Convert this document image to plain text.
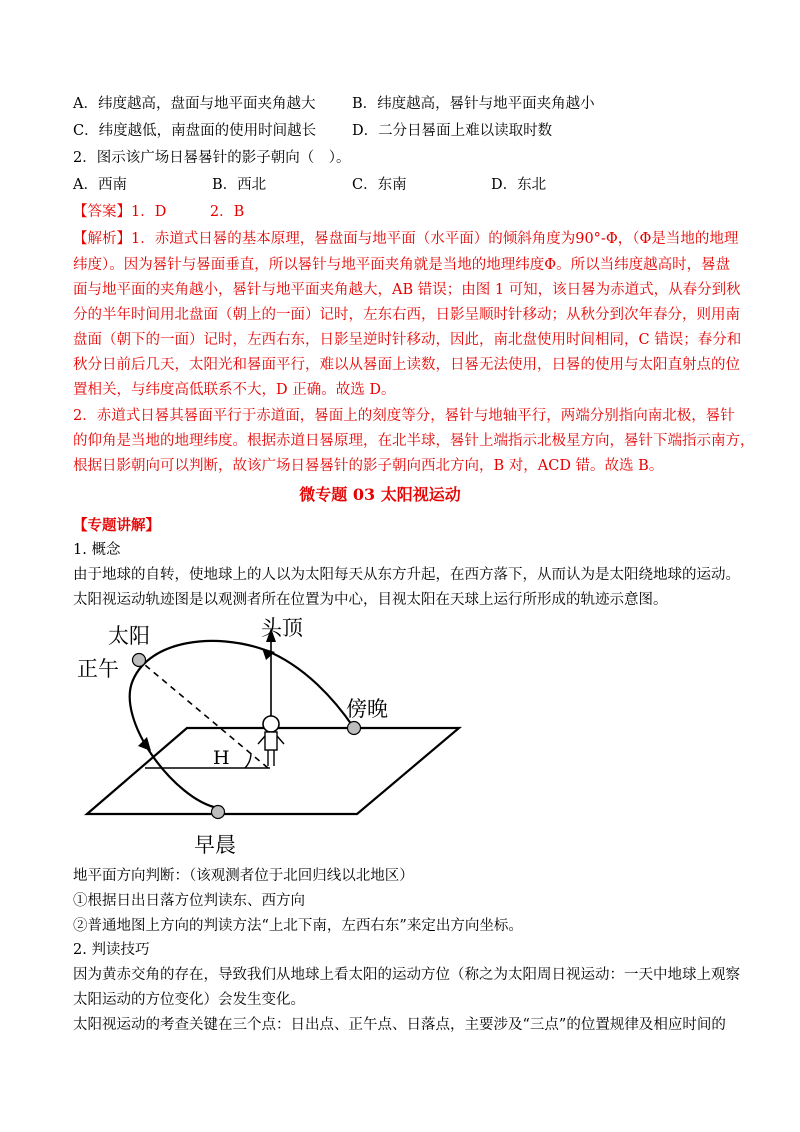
A．纬度越高，盘面与地平面夹角越大	B．纬度越高，晷针与地平面夹角越小
C．纬度越低，南盘面的使用时间越长 D．二分日晷面上难以读取时数
2．图示该广场日晷晷针的影子朝向（　）。
A．西南	B．西北	C．东南	D．东北
【答案】1．D　　　2．B
【解析】1．赤道式日晷的基本原理，晷盘面与地平面（水平面）的倾斜角度为90°-Φ，（Φ是当地的地理
纬度）。因为晷针与晷面垂直，所以晷针与地平面夹角就是当地的地理纬度Φ。所以当纬度越高时，晷盘
面与地平面的夹角越小，晷针与地平面夹角越大，AB 错误；由图 1 可知，该日晷为赤道式，从春分到秋
分的半年时间用北盘面（朝上的一面）记时，左东右西，日影呈顺时针移动；从秋分到次年春分，则用南
盘面（朝下的一面）记时，左西右东，日影呈逆时针移动，因此，南北盘使用时间相同，C 错误；春分和
秋分日前后几天，太阳光和晷面平行，难以从晷面上读数，日晷无法使用，日晷的使用与太阳直射点的位
置相关，与纬度高低联系不大，D 正确。故选 D。
2．赤道式日晷其晷面平行于赤道面，晷面上的刻度等分，晷针与地轴平行，两端分别指向南北极，晷针
的仰角是当地的地理纬度。根据赤道日晷原理，在北半球，晷针上端指示北极星方向，晷针下端指示南方，
根据日影朝向可以判断，故该广场日晷晷针的影子朝向西北方向，B 对，ACD 错。故选 B。
微专题 03 太阳视运动
【专题讲解】
1. 概念
由于地球的自转，使地球上的人以为太阳每天从东方升起，在西方落下，从而认为是太阳绕地球的运动。
太阳视运动轨迹图是以观测者所在位置为中心，目视太阳在天球上运行所形成的轨迹示意图。
太阳
正午
头顶
傍晚
早晨
H
地平面方向判断：（该观测者位于北回归线以北地区）
①根据日出日落方位判读东、西方向
②普通地图上方向的判读方法“上北下南，左西右东”来定出方向坐标。
2. 判读技巧
因为黄赤交角的存在，导致我们从地球上看太阳的运动方位（称之为太阳周日视运动：一天中地球上观察
太阳运动的方位变化）会发生变化。
太阳视运动的考查关键在三个点：日出点、正午点、日落点，主要涉及“三点”的位置规律及相应时间的
